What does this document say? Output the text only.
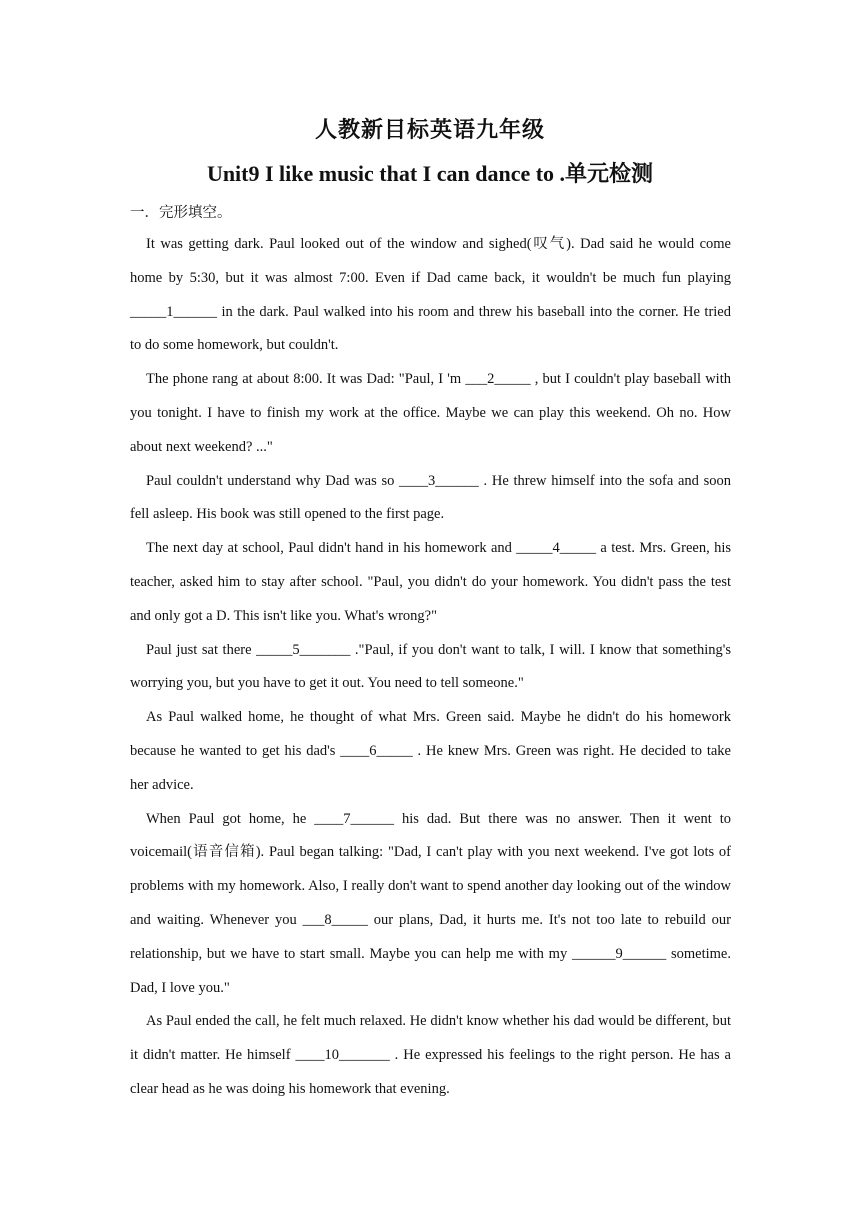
人教新目标英语九年级
Unit9 I like music that I can dance to .单元检测
一．完形填空。

It was getting dark. Paul looked out of the window and sighed(叹气). Dad said he would come home by 5:30, but it was almost 7:00. Even if Dad came back, it wouldn't be much fun playing _____1______ in the dark. Paul walked into his room and threw his baseball into the corner. He tried to do some homework, but couldn't.

The phone rang at about 8:00. It was Dad: "Paul, I 'm ___2_____ , but I couldn't play baseball with you tonight. I have to finish my work at the office. Maybe we can play this weekend. Oh no. How about next weekend? ..."

Paul couldn't understand why Dad was so ____3______ . He threw himself into the sofa and soon fell asleep. His book was still opened to the first page.

The next day at school, Paul didn't hand in his homework and _____4_____ a test. Mrs. Green, his teacher, asked him to stay after school. "Paul, you didn't do your homework. You didn't pass the test and only got a D. This isn't like you. What's wrong?"

Paul just sat there _____5_______ ."Paul, if you don't want to talk, I will. I know that something's worrying you, but you have to get it out. You need to tell someone."

As Paul walked home, he thought of what Mrs. Green said. Maybe he didn't do his homework because he wanted to get his dad's ____6_____ . He knew Mrs. Green was right. He decided to take her advice.

When Paul got home, he ____7______ his dad. But there was no answer. Then it went to voicemail(语音信箱). Paul began talking: "Dad, I can't play with you next weekend. I've got lots of problems with my homework. Also, I really don't want to spend another day looking out of the window and waiting. Whenever you ___8_____ our plans, Dad, it hurts me. It's not too late to rebuild our relationship, but we have to start small. Maybe you can help me with my ______9______ sometime. Dad, I love you."

As Paul ended the call, he felt much relaxed. He didn't know whether his dad would be different, but it didn't matter. He himself ____10_______ . He expressed his feelings to the right person. He has a clear head as he was doing his homework that evening.
